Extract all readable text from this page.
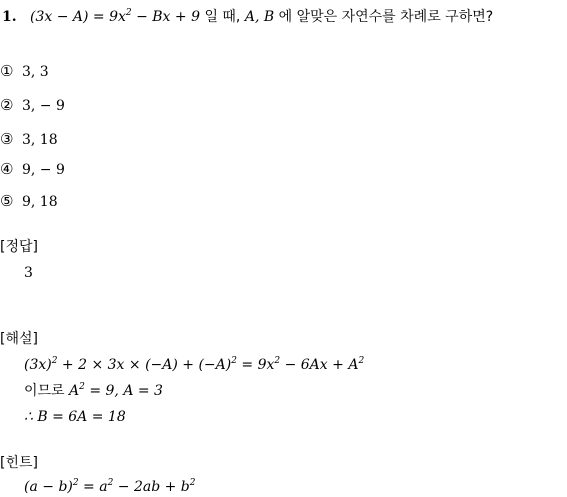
1. $(3x - A) = 9x^2 - Bx + 9$ 일 때, A, B 에 알맞은 자연수를 차례로 구하면?
① 3, 3
② 3, − 9
③ 3, 18
④ 9, − 9
⑤ 9, 18
[정답]
3
[해설]
$(3x)^2 + 2 \times 3x \times (-A) + (-A)^2 = 9x^2 - 6Ax + A^2$
이므로 $A^2 = 9$, A = 3
∴ B = 6A = 18
[힌트]
$(a - b)^2 = a^2 - 2ab + b^2$
